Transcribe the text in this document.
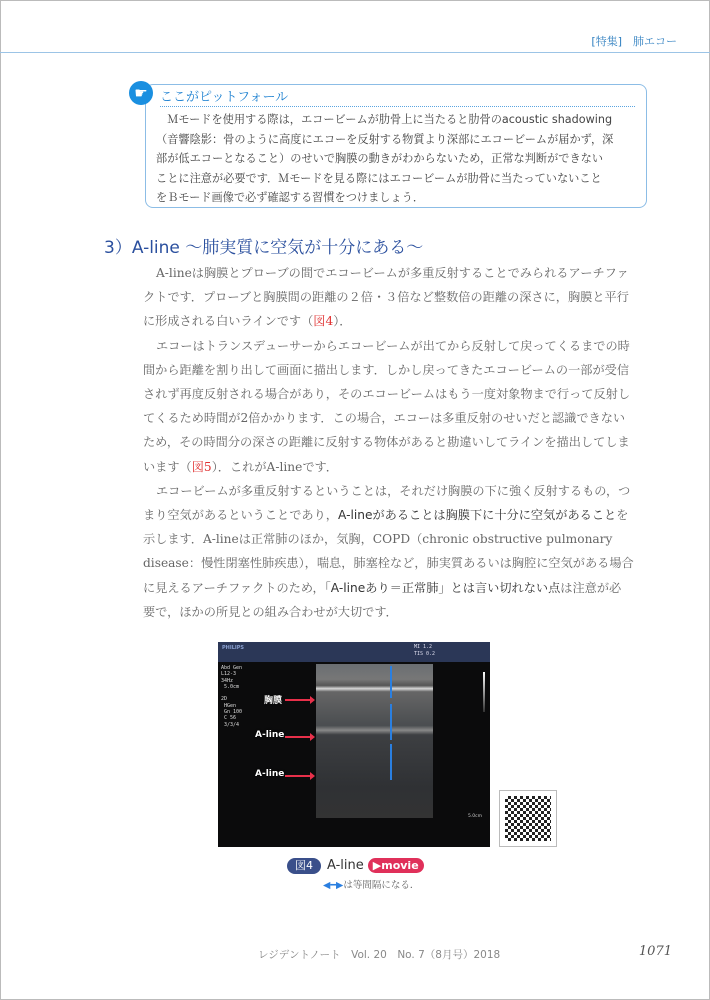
[特集]　肺エコー
☛ ここがピットフォール
　Ｍモードを使用する際は，エコービームが肋骨上に当たると肋骨のacoustic shadowing
（音響陰影：骨のように高度にエコーを反射する物質より深部にエコービームが届かず，深
部が低エコーとなること）のせいで胸膜の動きがわからないため，正常な判断ができない
ことに注意が必要です．Ｍモードを見る際にはエコービームが肋骨に当たっていないこと
をＢモード画像で必ず確認する習慣をつけましょう．
3）A-line 〜肺実質に空気が十分にある〜
A-lineは胸膜とプローブの間でエコービームが多重反射することでみられるアーチファ
クトです．プローブと胸膜間の距離の２倍・３倍など整数倍の距離の深さに，胸膜と平行
に形成される白いラインです（図4）．
エコーはトランスデューサーからエコービームが出てから反射して戻ってくるまでの時
間から距離を割り出して画面に描出します．しかし戻ってきたエコービームの一部が受信
されず再度反射される場合があり，そのエコービームはもう一度対象物まで行って反射し
てくるため時間が2倍かかります．この場合，エコーは多重反射のせいだと認識できない
ため，その時間分の深さの距離に反射する物体があると勘違いしてラインを描出してしま
います（図5）．これがA-lineです．
エコービームが多重反射するということは，それだけ胸膜の下に強く反射するもの，つ
まり空気があるということであり，A-lineがあることは胸膜下に十分に空気があることを
示します．A-lineは正常肺のほか，気胸，COPD（chronic obstructive pulmonary
disease：慢性閉塞性肺疾患），喘息，肺塞栓など，肺実質あるいは胸腔に空気がある場合
に見えるアーチファクトのため，「A-lineあり＝正常肺」とは言い切れない点は注意が必
要で，ほかの所見との組み合わせが大切です．
PHILIPS	MI 1.2
TIS 0.2
Abd Gen
L12-3
34Hz
5.0cm

2D
HGen
Gn 100
C 56
3/3/4
胸膜
A-line
A-line
5.0cm
図4 A-line ▶movie
◀━▶は等間隔になる．
レジデントノート　Vol. 20　No. 7（8月号）2018	1071
